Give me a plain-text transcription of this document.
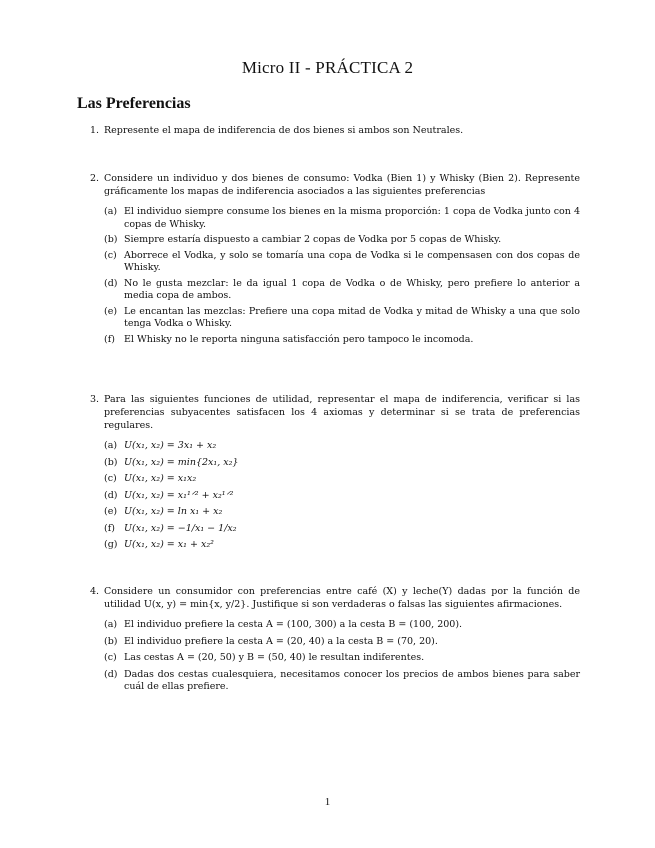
Micro II - PRÁCTICA 2
Las Preferencias
1. Represente el mapa de indiferencia de dos bienes si ambos son Neutrales.
2. Considere un individuo y dos bienes de consumo: Vodka (Bien 1) y Whisky (Bien 2). Represente gráficamente los mapas de indiferencia asociados a las siguientes preferencias
(a) El individuo siempre consume los bienes en la misma proporción: 1 copa de Vodka junto con 4 copas de Whisky.
(b) Siempre estaría dispuesto a cambiar 2 copas de Vodka por 5 copas de Whisky.
(c) Aborrece el Vodka, y solo se tomaría una copa de Vodka si le compensasen con dos copas de Whisky.
(d) No le gusta mezclar: le da igual 1 copa de Vodka o de Whisky, pero prefiere lo anterior a media copa de ambos.
(e) Le encantan las mezclas: Prefiere una copa mitad de Vodka y mitad de Whisky a una que solo tenga Vodka o Whisky.
(f) El Whisky no le reporta ninguna satisfacción pero tampoco le incomoda.
3. Para las siguientes funciones de utilidad, representar el mapa de indiferencia, verificar si las preferencias subyacentes satisfacen los 4 axiomas y determinar si se trata de preferencias regulares.
(a) U(x₁, x₂) = 3x₁ + x₂
(b) U(x₁, x₂) = min{2x₁, x₂}
(c) U(x₁, x₂) = x₁x₂
(d) U(x₁, x₂) = x₁¹ᐟ² + x₂¹ᐟ²
(e) U(x₁, x₂) = ln x₁ + x₂
(f) U(x₁, x₂) = −1/x₁ − 1/x₂
(g) U(x₁, x₂) = x₁ + x₂²
4. Considere un consumidor con preferencias entre café (X) y leche(Y) dadas por la función de utilidad U(x, y) = min{x, y/2}. Justifique si son verdaderas o falsas las siguientes afirmaciones.
(a) El individuo prefiere la cesta A = (100, 300) a la cesta B = (100, 200).
(b) El individuo prefiere la cesta A = (20, 40) a la cesta B = (70, 20).
(c) Las cestas A = (20, 50) y B = (50, 40) le resultan indiferentes.
(d) Dadas dos cestas cualesquiera, necesitamos conocer los precios de ambos bienes para saber cuál de ellas prefiere.
1
